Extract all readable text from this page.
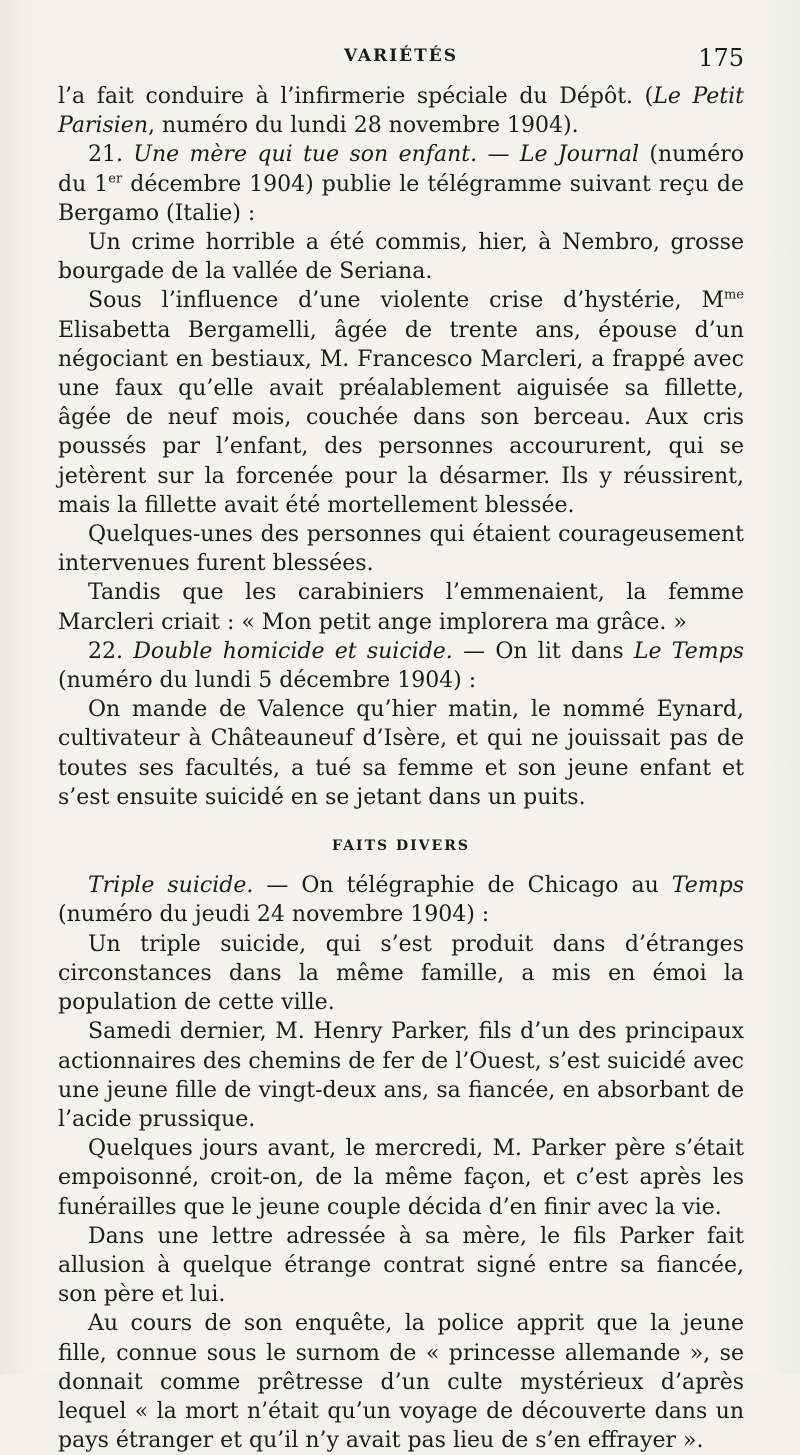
VARIÉTÉS	175

l’a fait conduire à l’infirmerie spéciale du Dépôt. (Le Petit Parisien, numéro du lundi 28 novembre 1904).

21. Une mère qui tue son enfant. — Le Journal (numéro du 1er décembre 1904) publie le télégramme suivant reçu de Bergamo (Italie) :

Un crime horrible a été commis, hier, à Nembro, grosse bourgade de la vallée de Seriana.

Sous l’influence d’une violente crise d’hystérie, $M^{me}$ Elisabetta Bergamelli, âgée de trente ans, épouse d’un négociant en bestiaux, M. Francesco Marcleri, a frappé avec une faux qu’elle avait préalablement aiguisée sa fillette, âgée de neuf mois, couchée dans son berceau. Aux cris poussés par l’enfant, des personnes accoururent, qui se jetèrent sur la forcenée pour la désarmer. Ils y réussirent, mais la fillette avait été mortellement blessée.

Quelques-unes des personnes qui étaient courageusement intervenues furent blessées.

Tandis que les carabiniers l’emmenaient, la femme Marcleri criait : « Mon petit ange implorera ma grâce. »

22. Double homicide et suicide. — On lit dans Le Temps (numéro du lundi 5 décembre 1904) :

On mande de Valence qu’hier matin, le nommé Eynard, cultivateur à Châteauneuf d’Isère, et qui ne jouissait pas de toutes ses facultés, a tué sa femme et son jeune enfant et s’est ensuite suicidé en se jetant dans un puits.

FAITS DIVERS

Triple suicide. — On télégraphie de Chicago au Temps (numéro du jeudi 24 novembre 1904) :

Un triple suicide, qui s’est produit dans d’étranges circonstances dans la même famille, a mis en émoi la population de cette ville.

Samedi dernier, M. Henry Parker, fils d’un des principaux actionnaires des chemins de fer de l’Ouest, s’est suicidé avec une jeune fille de vingt-deux ans, sa fiancée, en absorbant de l’acide prussique.

Quelques jours avant, le mercredi, M. Parker père s’était empoisonné, croit-on, de la même façon, et c’est après les funérailles que le jeune couple décida d’en finir avec la vie.

Dans une lettre adressée à sa mère, le fils Parker fait allusion à quelque étrange contrat signé entre sa fiancée, son père et lui.

Au cours de son enquête, la police apprit que la jeune fille, connue sous le surnom de « princesse allemande », se donnait comme prêtresse d’un culte mystérieux d’après lequel « la mort n’était qu’un voyage de découverte dans un pays étranger et qu’il n’y avait pas lieu de s’en effrayer ».
